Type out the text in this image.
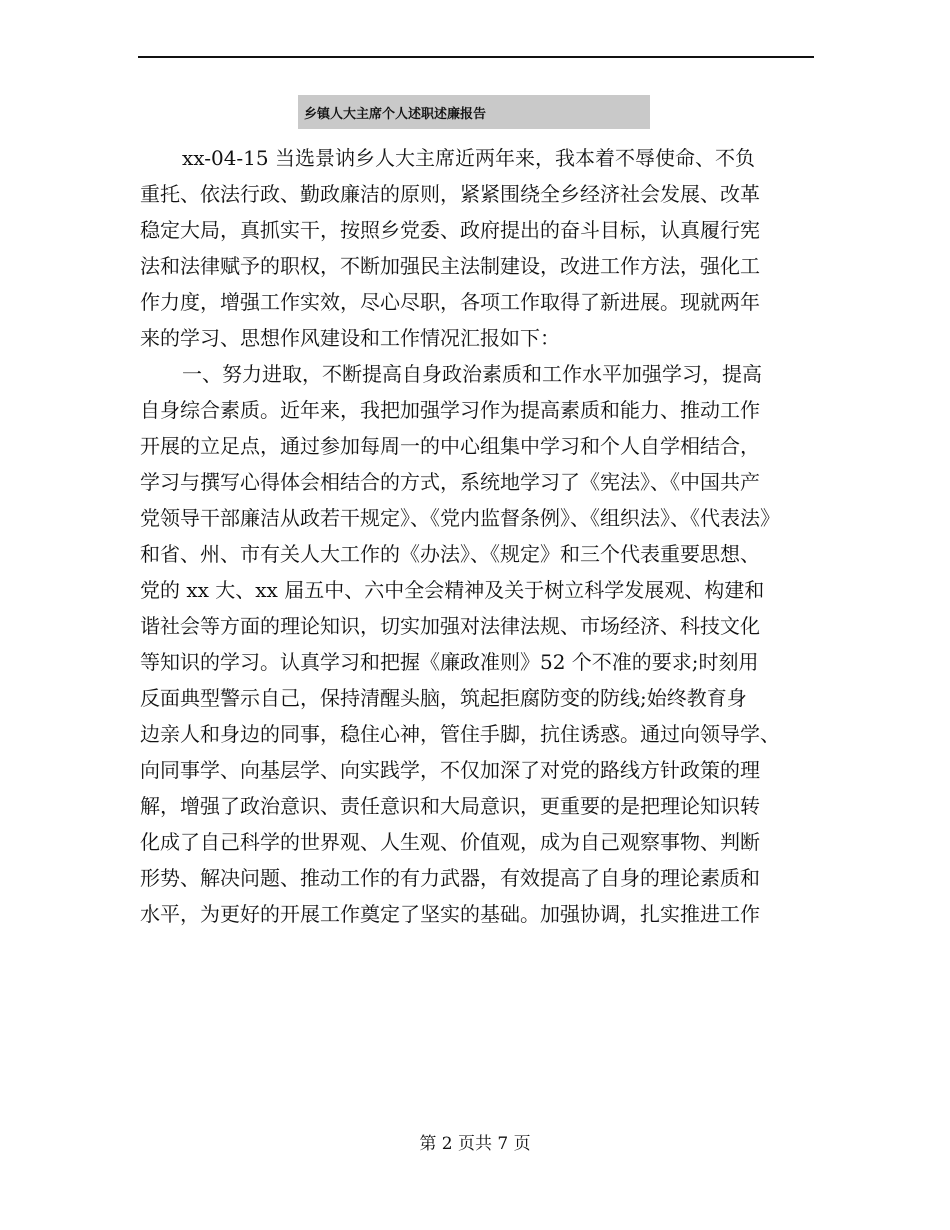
乡镇人大主席个人述职述廉报告
xx-04-15 当选景讷乡人大主席近两年来，我本着不辱使命、不负
重托、依法行政、勤政廉洁的原则，紧紧围绕全乡经济社会发展、改革
稳定大局，真抓实干，按照乡党委、政府提出的奋斗目标，认真履行宪
法和法律赋予的职权，不断加强民主法制建设，改进工作方法，强化工
作力度，增强工作实效，尽心尽职，各项工作取得了新进展。现就两年
来的学习、思想作风建设和工作情况汇报如下：
一、努力进取，不断提高自身政治素质和工作水平加强学习，提高
自身综合素质。近年来，我把加强学习作为提高素质和能力、推动工作
开展的立足点，通过参加每周一的中心组集中学习和个人自学相结合，
学习与撰写心得体会相结合的方式，系统地学习了《宪法》、《中国共产
党领导干部廉洁从政若干规定》、《党内监督条例》、《组织法》、《代表法》
和省、州、市有关人大工作的《办法》、《规定》和三个代表重要思想、
党的 xx 大、xx 届五中、六中全会精神及关于树立科学发展观、构建和
谐社会等方面的理论知识，切实加强对法律法规、市场经济、科技文化
等知识的学习。认真学习和把握《廉政准则》52 个不准的要求;时刻用
反面典型警示自己，保持清醒头脑，筑起拒腐防变的防线;始终教育身
边亲人和身边的同事，稳住心神，管住手脚，抗住诱惑。通过向领导学、
向同事学、向基层学、向实践学，不仅加深了对党的路线方针政策的理
解，增强了政治意识、责任意识和大局意识，更重要的是把理论知识转
化成了自己科学的世界观、人生观、价值观，成为自己观察事物、判断
形势、解决问题、推动工作的有力武器，有效提高了自身的理论素质和
水平，为更好的开展工作奠定了坚实的基础。加强协调，扎实推进工作
第 2 页共 7 页
